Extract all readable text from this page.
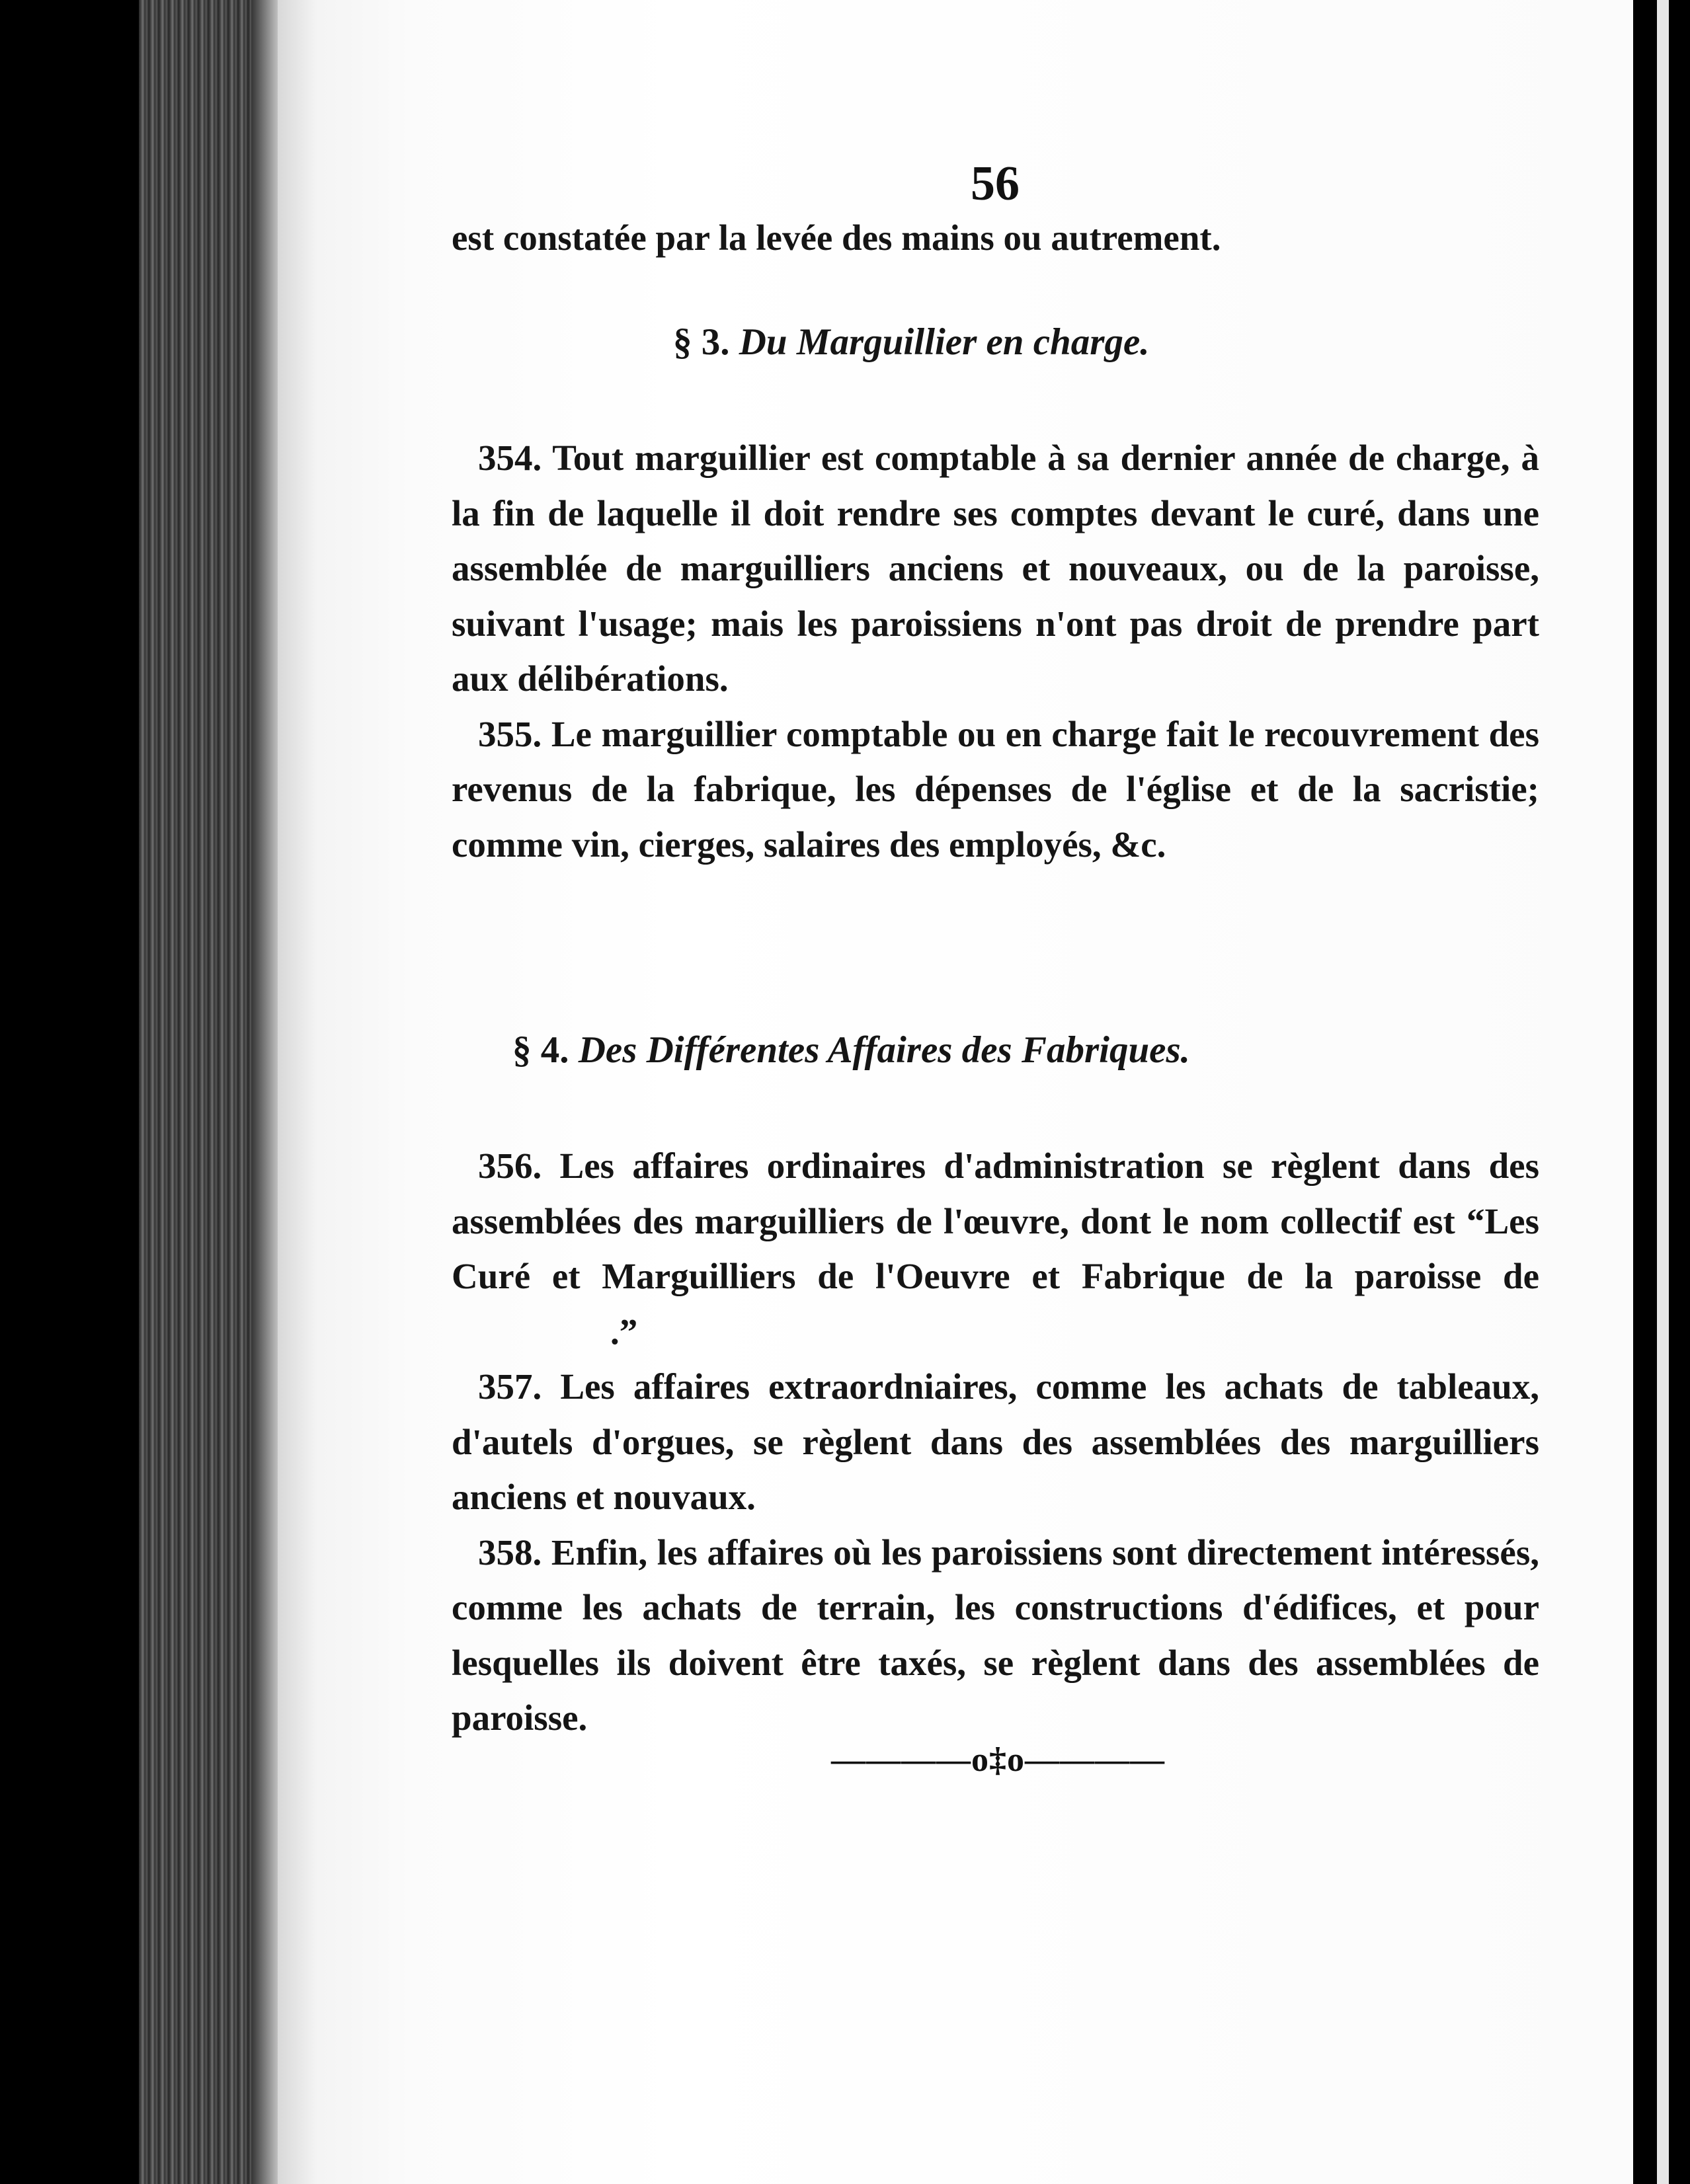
56

est constatée par la levée des mains ou autrement.

§ 3. Du Marguillier en charge.

354. Tout marguillier est comptable à sa dernier année de charge, à la fin de laquelle il doit rendre ses comptes devant le curé, dans une assemblée de marguilliers anciens et nouveaux, ou de la paroisse, suivant l'usage; mais les paroissiens n'ont pas droit de prendre part aux délibérations.

355. Le marguillier comptable ou en charge fait le recouvrement des revenus de la fabrique, les dépenses de l'église et de la sacristie; comme vin, cierges, salaires des employés, &c.

§ 4. Des Différentes Affaires des Fabriques.

356. Les affaires ordinaires d'administration se règlent dans des assemblées des marguilliers de l'œuvre, dont le nom collectif est “Les Curé et Marguilliers de l'Oeuvre et Fabrique de la paroisse de.”

357. Les affaires extraordniaires, comme les achats de tableaux, d'autels d'orgues, se règlent dans des assemblées des marguilliers anciens et nouvaux.

358. Enfin, les affaires où les paroissiens sont directement intéressés, comme les achats de terrain, les constructions d'édifices, et pour lesquelles ils doivent être taxés, se règlent dans des assemblées de paroisse.

————o‡o————
